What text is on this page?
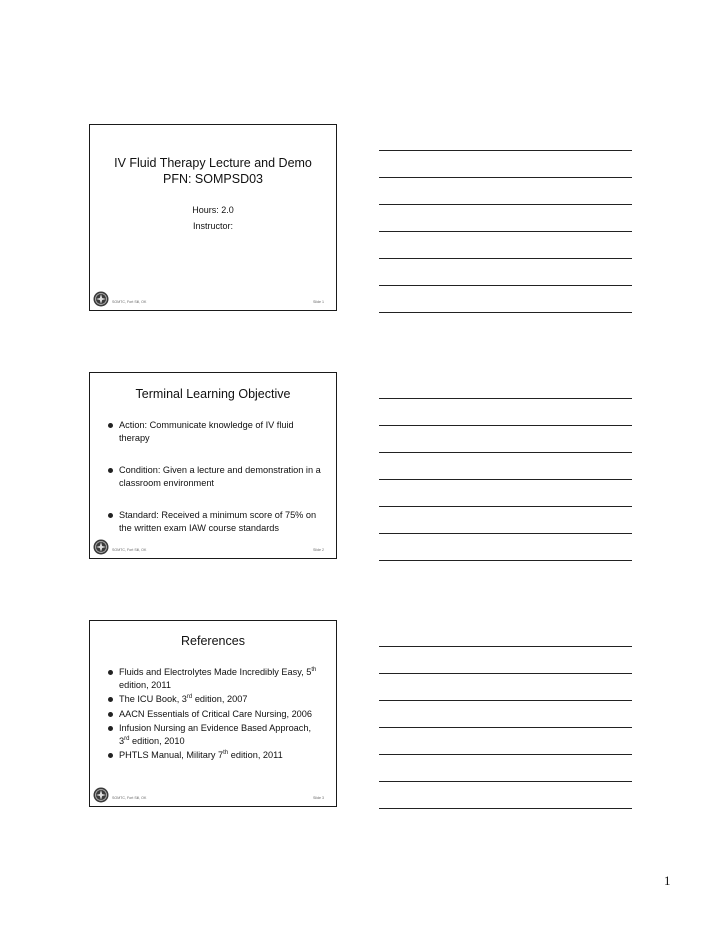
IV Fluid Therapy Lecture and Demo
PFN: SOMPSD03
Hours: 2.0
Instructor:
SOMTC, Fort Sill, OK	Slide 1
Terminal Learning Objective
Action: Communicate knowledge of IV fluid therapy
Condition: Given a lecture and demonstration in a classroom environment
Standard: Received a minimum score of 75% on the written exam IAW course standards
SOMTC, Fort Sill, OK	Slide 2
References
Fluids and Electrolytes Made Incredibly Easy, 5th edition, 2011
The ICU Book, 3rd edition, 2007
AACN Essentials of Critical Care Nursing, 2006
Infusion Nursing an Evidence Based Approach, 3rd edition, 2010
PHTLS Manual, Military 7th edition, 2011
SOMTC, Fort Sill, OK	Slide 3
1
